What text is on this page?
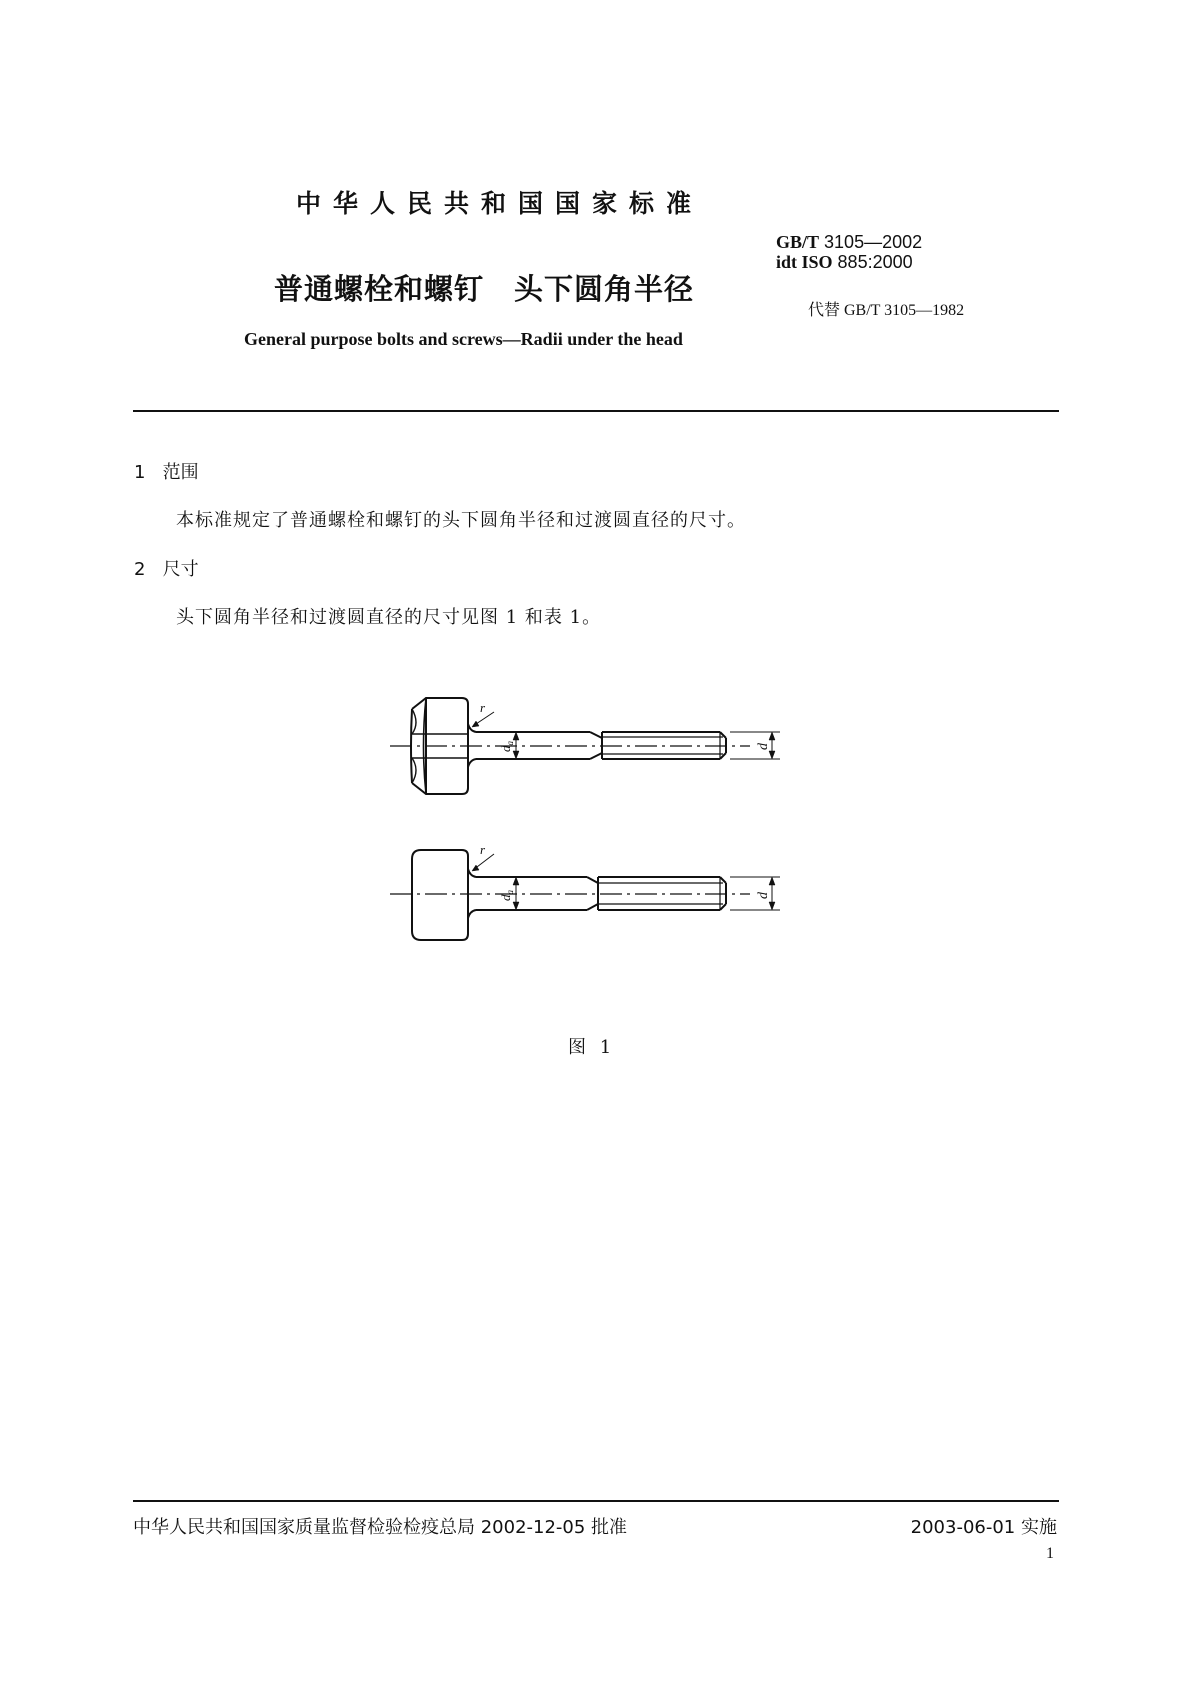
中华人民共和国国家标准
GB/T 3105—2002
idt ISO 885:2000
代替 GB/T 3105—1982
普通螺栓和螺钉　头下圆角半径
General purpose bolts and screws—Radii under the head
1 范围
本标准规定了普通螺栓和螺钉的头下圆角半径和过渡圆直径的尺寸。
2 尺寸
头下圆角半径和过渡圆直径的尺寸见图 1 和表 1。
r
$d_a$	d
r
$d_a$	d
图 1
中华人民共和国国家质量监督检验检疫总局 2002-12-05 批准	2003-06-01 实施
1
